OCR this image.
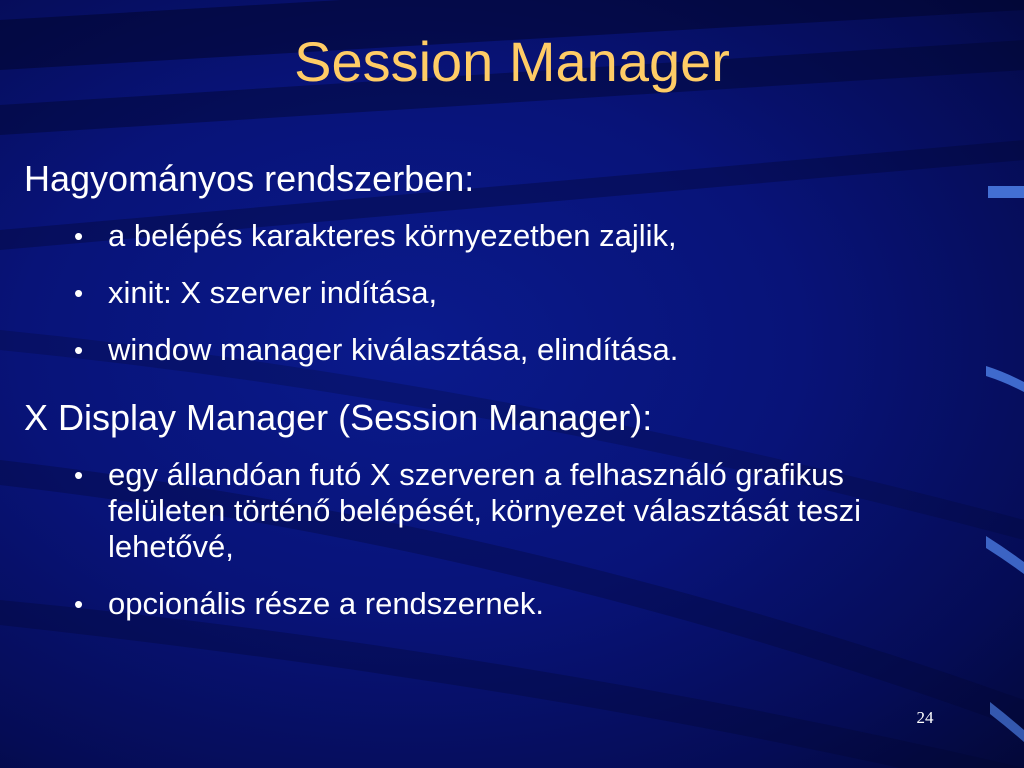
Session Manager

Hagyományos rendszerben:

• a belépés karakteres környezetben zajlik,
• xinit: X szerver indítása,
• window manager kiválasztása, elindítása.

X Display Manager (Session Manager):

• egy állandóan futó X szerveren a felhasználó grafikus felületen történő belépését, környezet választását teszi lehetővé,
• opcionális része a rendszernek.
24
